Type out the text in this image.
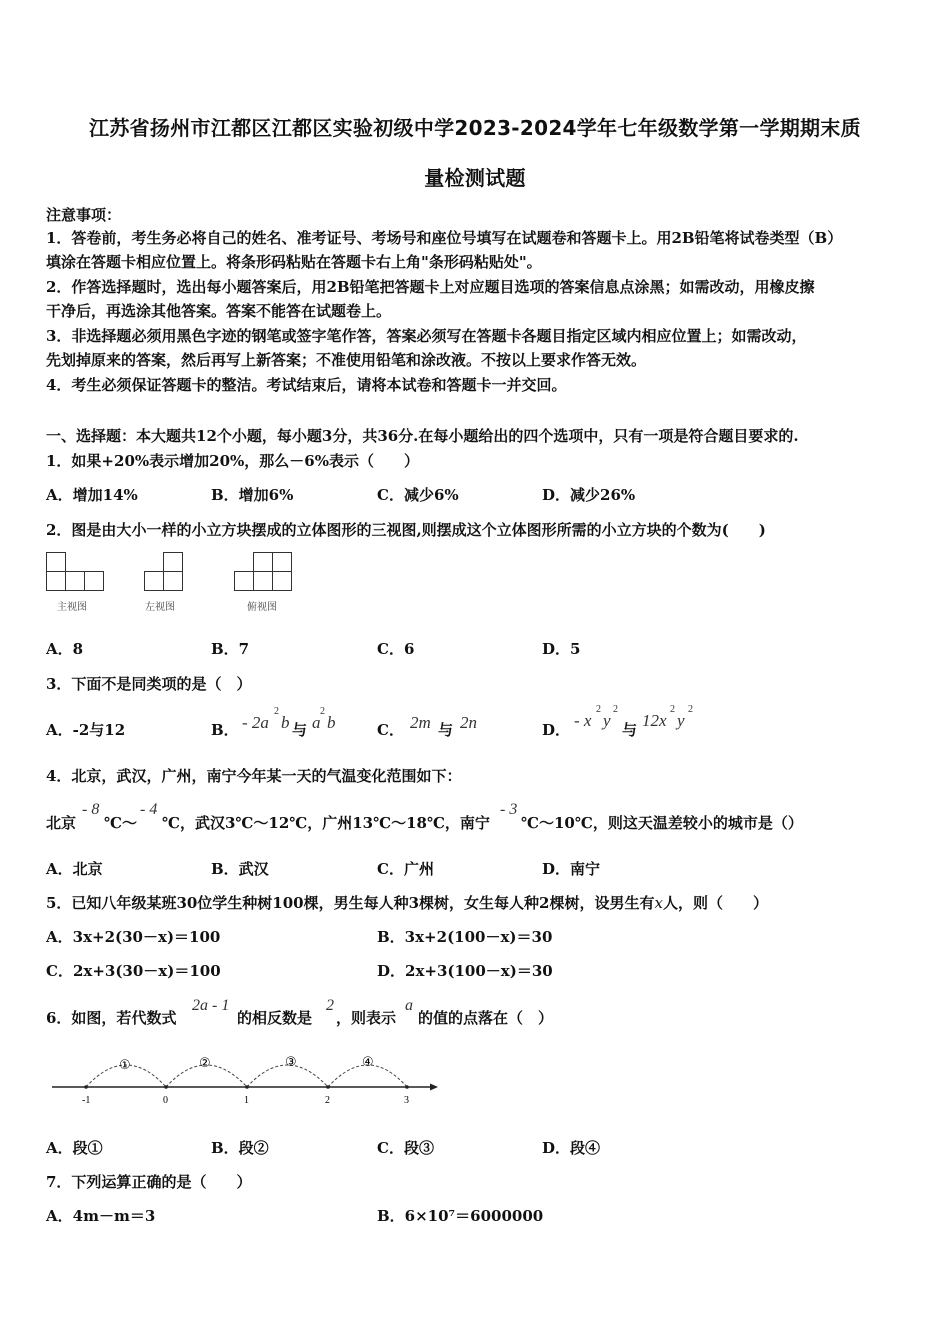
江苏省扬州市江都区江都区实验初级中学2023-2024学年七年级数学第一学期期末质
量检测试题
注意事项：
1．答卷前，考生务必将自己的姓名、准考证号、考场号和座位号填写在试题卷和答题卡上。用2B铅笔将试卷类型（B）
填涂在答题卡相应位置上。将条形码粘贴在答题卡右上角"条形码粘贴处"。
2．作答选择题时，选出每小题答案后，用2B铅笔把答题卡上对应题目选项的答案信息点涂黑；如需改动，用橡皮擦
干净后，再选涂其他答案。答案不能答在试题卷上。
3．非选择题必须用黑色字迹的钢笔或签字笔作答，答案必须写在答题卡各题目指定区域内相应位置上；如需改动，
先划掉原来的答案，然后再写上新答案；不准使用铅笔和涂改液。不按以上要求作答无效。
4．考生必须保证答题卡的整洁。考试结束后，请将本试卷和答题卡一并交回。
一、选择题：本大题共12个小题，每小题3分，共36分.在每小题给出的四个选项中，只有一项是符合题目要求的.
1．如果+20%表示增加20%，那么－6%表示（　　）
A．增加14%	B．增加6%	C．减少6%	D．减少26%
2．图是由大小一样的小立方块摆成的立体图形的三视图,则摆成这个立体图形所需的小立方块的个数为(　　)
主视图	左视图	俯视图
A．8	B．7	C．6	D．5
3．下面不是同类项的是（　）
A．-2与12	B． - 2a
2
b 与 a
2
b	C． 2m 与 2n	D． - x
2
y
2
与 12x
2
y
2
4．北京，武汉，广州，南宁今年某一天的气温变化范围如下：
北京
- 8
℃～
- 4
℃，武汉3℃～12℃，广州13℃～18℃，南宁
- 3
℃～10℃，则这天温差较小的城市是（）
A．北京	B．武汉	C．广州	D．南宁
5．已知八年级某班30位学生种树100棵，男生每人种3棵树，女生每人种2棵树，设男生有x人，则（　　）
A．3x+2(30－x)＝100	B．3x+2(100－x)＝30
C．2x+3(30－x)＝100	D．2x+3(100－x)＝30
6．如图，若代数式
2a - 1
的相反数是
2
，则表示
a
的值的点落在（　）
-1	0	1	2	3
①	②	③	④
A．段①	B．段②	C．段③	D．段④
7．下列运算正确的是（　　）
A．4m－m＝3	B．6×10⁷＝6000000
